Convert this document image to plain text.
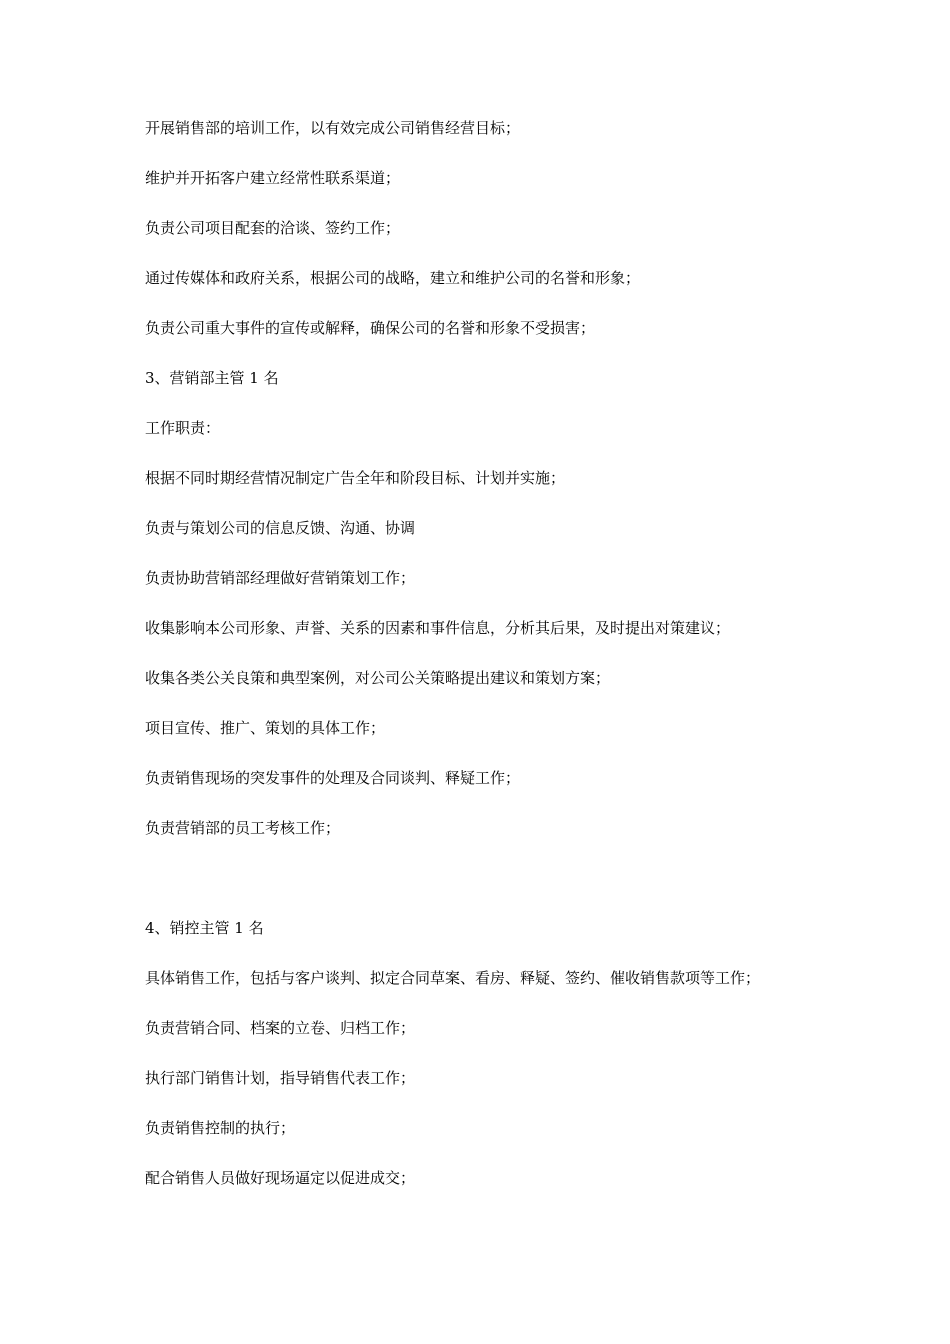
开展销售部的培训工作，以有效完成公司销售经营目标；
维护并开拓客户建立经常性联系渠道；
负责公司项目配套的洽谈、签约工作；
通过传媒体和政府关系，根据公司的战略，建立和维护公司的名誉和形象；
负责公司重大事件的宣传或解释，确保公司的名誉和形象不受损害；
3、营销部主管 1 名
工作职责：
根据不同时期经营情况制定广告全年和阶段目标、计划并实施；
负责与策划公司的信息反馈、沟通、协调
负责协助营销部经理做好营销策划工作；
收集影响本公司形象、声誉、关系的因素和事件信息，分析其后果，及时提出对策建议；
收集各类公关良策和典型案例，对公司公关策略提出建议和策划方案；
项目宣传、推广、策划的具体工作；
负责销售现场的突发事件的处理及合同谈判、释疑工作；
负责营销部的员工考核工作；
4、销控主管 1 名
具体销售工作，包括与客户谈判、拟定合同草案、看房、释疑、签约、催收销售款项等工作；
负责营销合同、档案的立卷、归档工作；
执行部门销售计划，指导销售代表工作；
负责销售控制的执行；
配合销售人员做好现场逼定以促进成交；
